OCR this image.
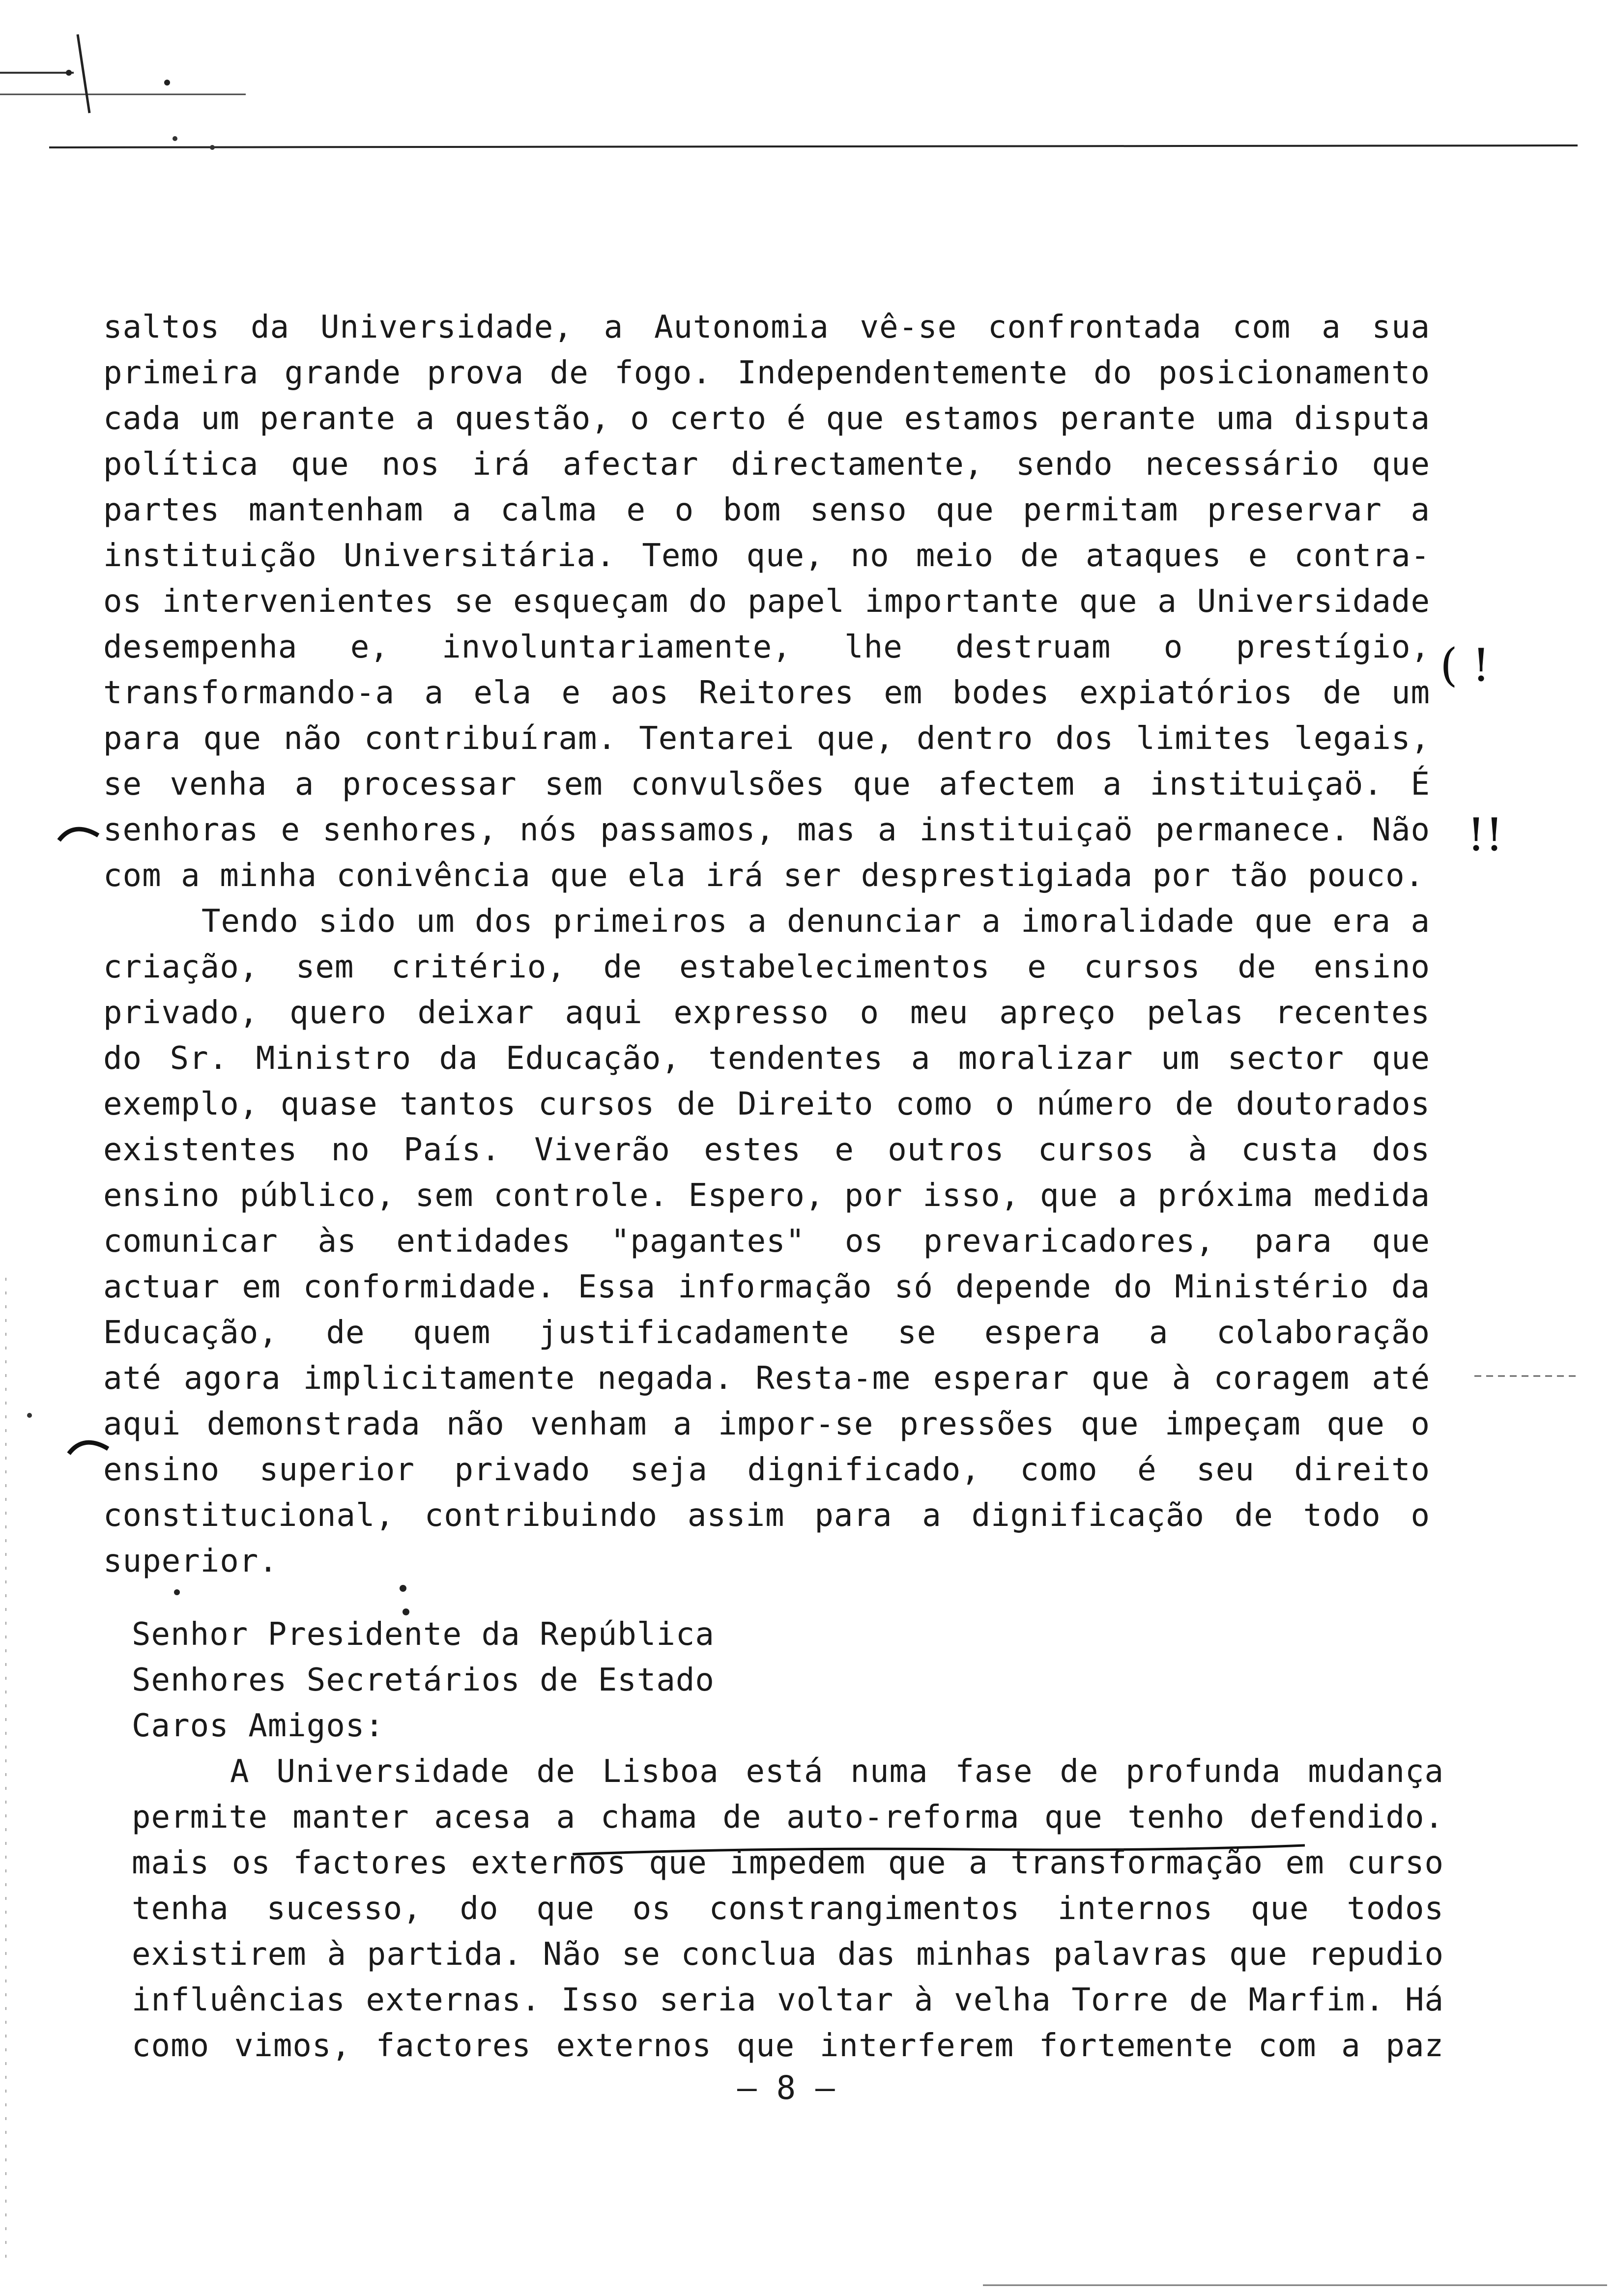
( !
!!
saltos da Universidade, a Autonomia vê-se confrontada com a sua
primeira grande prova de fogo. Independentemente do posicionamento
cada um perante a questão, o certo é que estamos perante uma disputa
política que nos irá afectar directamente, sendo necessário que
partes mantenham a calma e o bom senso que permitam preservar a
instituição Universitária. Temo que, no meio de ataques e contra-
os intervenientes se esqueçam do papel importante que a Universidade
desempenha e, involuntariamente, lhe destruam o prestígio,
transformando-a a ela e aos Reitores em bodes expiatórios de um
para que não contribuíram. Tentarei que, dentro dos limites legais,
se venha a processar sem convulsões que afectem a instituiçaö. É
senhoras e senhores, nós passamos, mas a instituiçaö permanece. Não
com a minha conivência que ela irá ser desprestigiada por tão pouco.
Tendo sido um dos primeiros a denunciar a imoralidade que era a
criação, sem critério, de estabelecimentos e cursos de ensino
privado, quero deixar aqui expresso o meu apreço pelas recentes
do Sr. Ministro da Educação, tendentes a moralizar um sector que
exemplo, quase tantos cursos de Direito como o número de doutorados
existentes no País. Viverão estes e outros cursos à custa dos
ensino público, sem controle. Espero, por isso, que a próxima medida
comunicar às entidades "pagantes" os prevaricadores, para que
actuar em conformidade. Essa informação só depende do Ministério da
Educação, de quem justificadamente se espera a colaboração
até agora implicitamente negada. Resta-me esperar que à coragem até
aqui demonstrada não venham a impor-se pressões que impeçam que o
ensino superior privado seja dignificado, como é seu direito
constitucional, contribuindo assim para a dignificação de todo o
superior.
Senhor Presidente da República
Senhores Secretários de Estado
Caros Amigos:
A Universidade de Lisboa está numa fase de profunda mudança
permite manter acesa a chama de auto-reforma que tenho defendido.
mais os factores externos que impedem que a transformação em curso
tenha sucesso, do que os constrangimentos internos que todos
existirem à partida. Não se conclua das minhas palavras que repudio
influências externas. Isso seria voltar à velha Torre de Marfim. Há
como vimos, factores externos que interferem fortemente com a paz
— 8 —
